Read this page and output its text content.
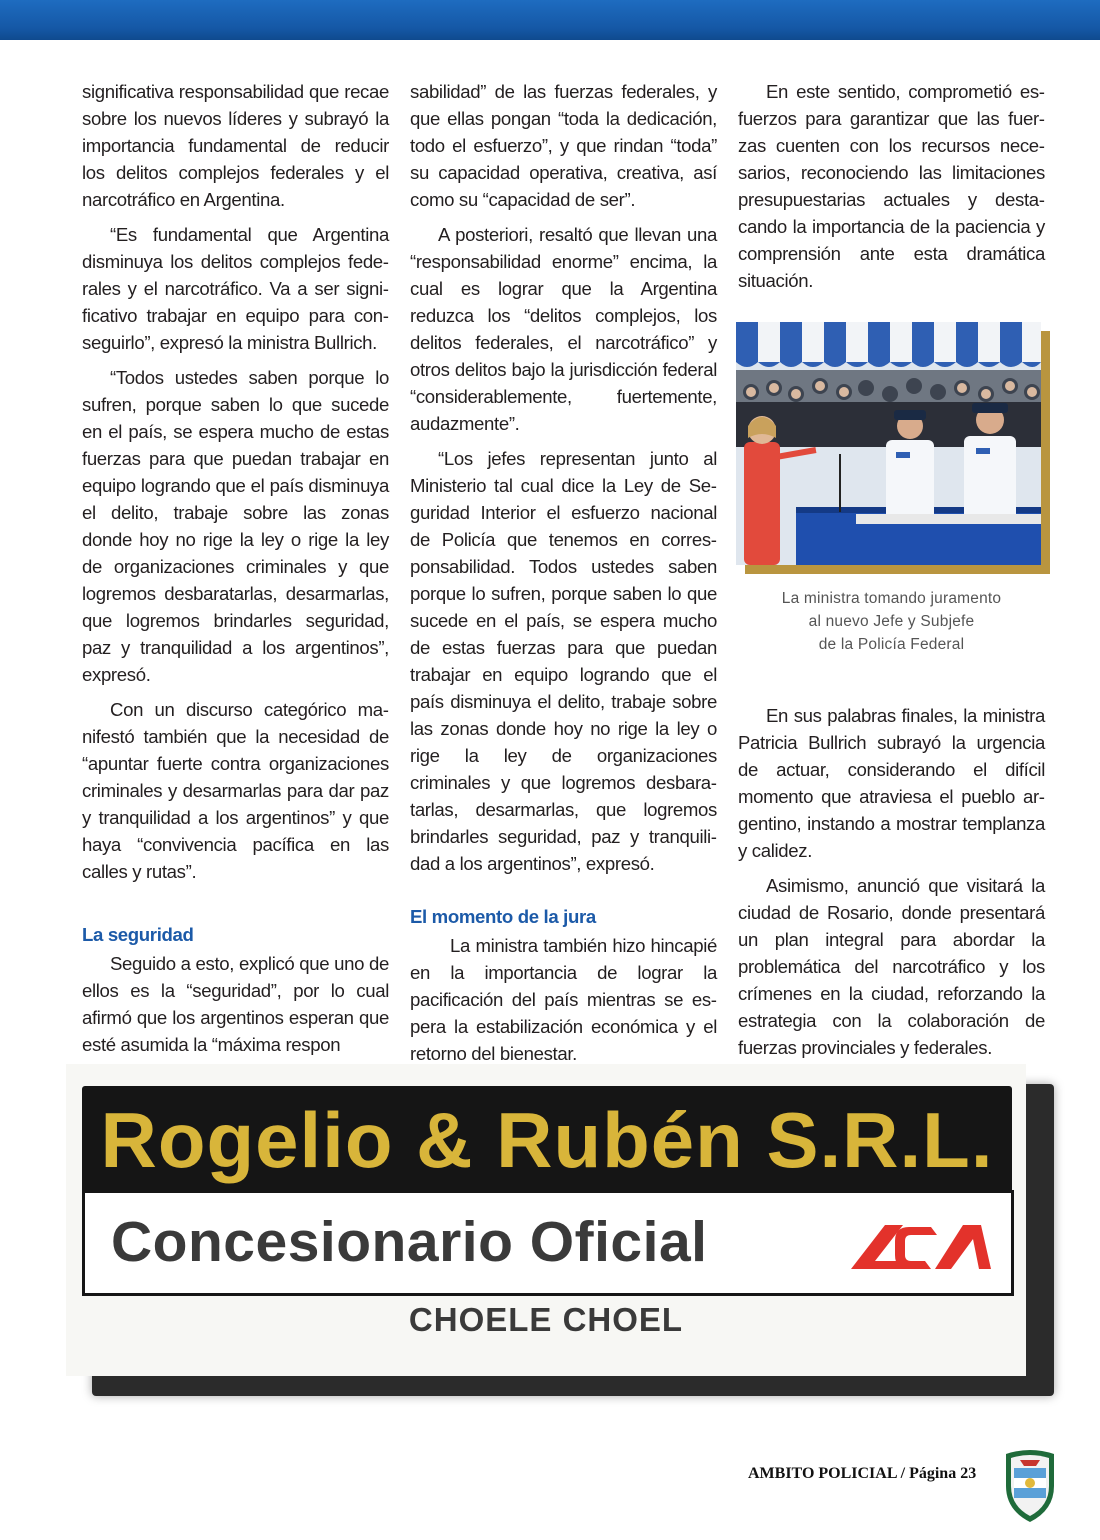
significativa responsabilidad que recae sobre los nuevos líderes y subrayó la importancia fundamental de reducir los delitos complejos federales y el narcotráfico en Argentina.

“Es fundamental que Argentina disminuya los delitos complejos federales y el narcotráfico. Va a ser significativo trabajar en equipo para conseguirlo”, expresó la ministra Bullrich.

“Todos ustedes saben porque lo sufren, porque saben lo que sucede en el país, se espera mucho de estas fuerzas para que puedan trabajar en equipo logrando que el país disminuya el delito, trabaje sobre las zonas donde hoy no rige la ley o rige la ley de organizaciones criminales y que logremos desbaratarlas, desarmarlas, que logremos brindarles seguridad, paz y tranquilidad a los argentinos”, expresó.

Con un discurso categórico manifestó también que la necesidad de “apuntar fuerte contra organizaciones criminales y desarmarlas para dar paz y tranquilidad a los argentinos” y que haya “convivencia pacífica en las calles y rutas”.

La seguridad

Seguido a esto, explicó que uno de ellos es la “seguridad”, por lo cual afirmó que los argentinos esperan que esté asumida la “máxima respon

sabilidad” de las fuerzas federales, y que ellas pongan “toda la dedicación, todo el esfuerzo”, y que rindan “toda” su capacidad operativa, creativa, así como su “capacidad de ser”.

A posteriori, resaltó que llevan una “responsabilidad enorme” encima, la cual es lograr que la Argentina reduzca los “delitos complejos, los delitos federales, el narcotráfico” y otros delitos bajo la jurisdicción federal “considerablemente, fuertemente, audazmente”.

“Los jefes representan junto al Ministerio tal cual dice la Ley de Seguridad Interior el esfuerzo nacional de Policía que tenemos en corresponsabilidad. Todos ustedes saben porque lo sufren, porque saben lo que sucede en el país, se espera mucho de estas fuerzas para que puedan trabajar en equipo logrando que el país disminuya el delito, trabaje sobre las zonas donde hoy no rige la ley o rige la ley de organizaciones criminales y que logremos desbaratarlas, desarmarlas, que logremos brindarles seguridad, paz y tranquilidad a los argentinos”, expresó.

El momento de la jura

La ministra también hizo hincapié en la importancia de lograr la pacificación del país mientras se espera la estabilización económica y el retorno del bienestar.

En este sentido, comprometió esfuerzos para garantizar que las fuerzas cuenten con los recursos necesarios, reconociendo las limitaciones presupuestarias actuales y destacando la importancia de la paciencia y comprensión ante esta dramática situación.

La ministra tomando juramento
al nuevo Jefe y Subjefe
de la Policía Federal

En sus palabras finales, la ministra Patricia Bullrich subrayó la urgencia de actuar, considerando el difícil momento que atraviesa el pueblo argentino, instando a mostrar templanza y calidez.

Asimismo, anunció que visitará la ciudad de Rosario, donde presentará un plan integral para abordar la problemática del narcotráfico y los crímenes en la ciudad, reforzando la estrategia con la colaboración de fuerzas provinciales y federales.

Rogelio & Rubén S.R.L.
Concesionario Oficial
CHOELE CHOEL
AMBITO POLICIAL / Página 23
